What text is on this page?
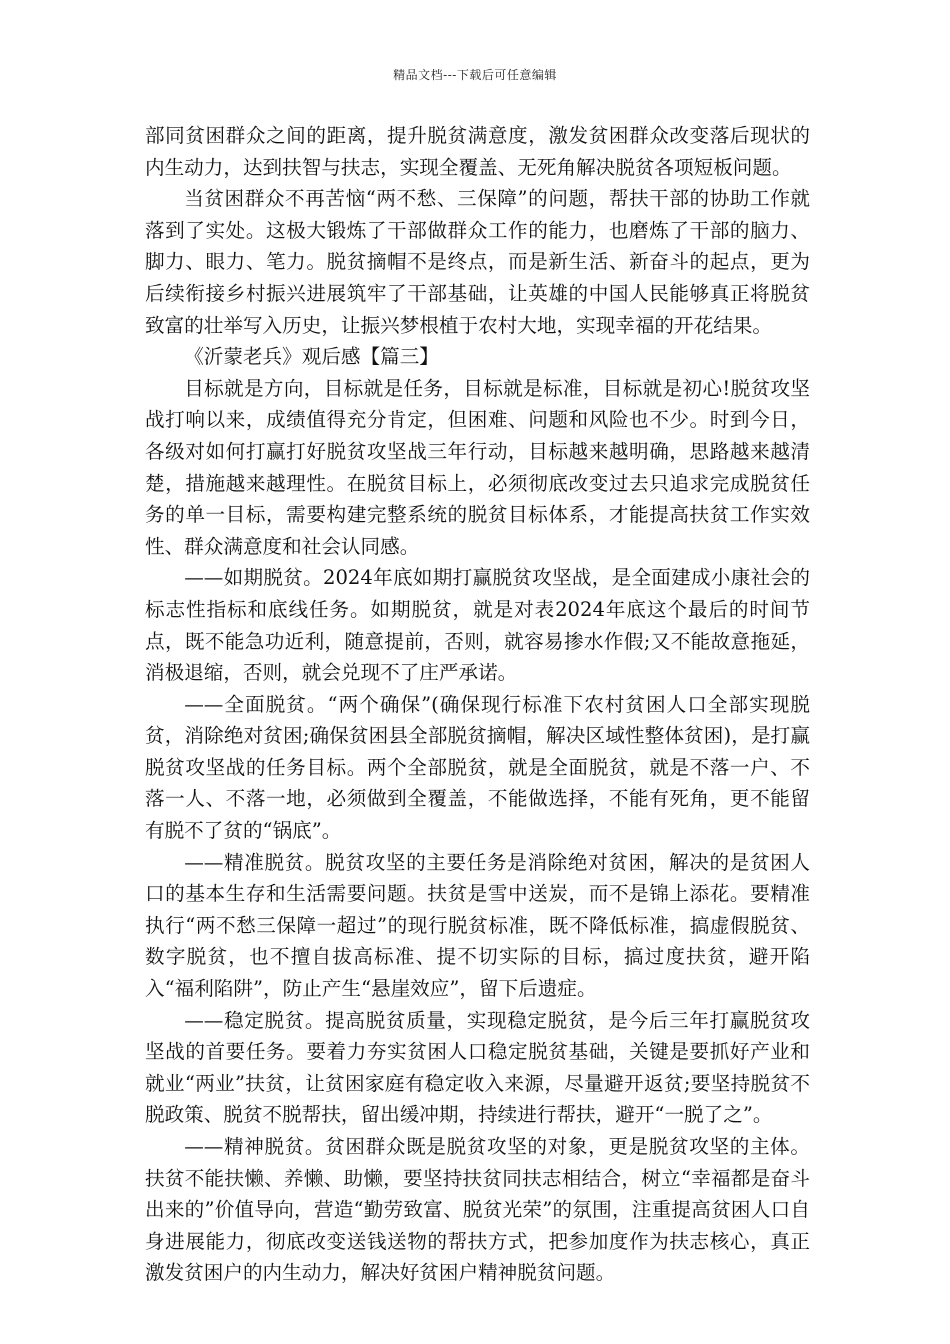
精品文档---下载后可任意编辑

部同贫困群众之间的距离，提升脱贫满意度，激发贫困群众改变落后现状的内生动力，达到扶智与扶志，实现全覆盖、无死角解决脱贫各项短板问题。

当贫困群众不再苦恼“两不愁、三保障”的问题，帮扶干部的协助工作就落到了实处。这极大锻炼了干部做群众工作的能力，也磨炼了干部的脑力、脚力、眼力、笔力。脱贫摘帽不是终点，而是新生活、新奋斗的起点，更为后续衔接乡村振兴进展筑牢了干部基础，让英雄的中国人民能够真正将脱贫致富的壮举写入历史，让振兴梦根植于农村大地，实现幸福的开花结果。

《沂蒙老兵》观后感【篇三】

目标就是方向，目标就是任务，目标就是标准，目标就是初心!脱贫攻坚战打响以来，成绩值得充分肯定，但困难、问题和风险也不少。时到今日，各级对如何打赢打好脱贫攻坚战三年行动，目标越来越明确，思路越来越清楚，措施越来越理性。在脱贫目标上，必须彻底改变过去只追求完成脱贫任务的单一目标，需要构建完整系统的脱贫目标体系，才能提高扶贫工作实效性、群众满意度和社会认同感。

——如期脱贫。2024年底如期打赢脱贫攻坚战，是全面建成小康社会的标志性指标和底线任务。如期脱贫，就是对表2024年底这个最后的时间节点，既不能急功近利，随意提前，否则，就容易掺水作假;又不能故意拖延，消极退缩，否则，就会兑现不了庄严承诺。

——全面脱贫。“两个确保”(确保现行标准下农村贫困人口全部实现脱贫，消除绝对贫困;确保贫困县全部脱贫摘帽，解决区域性整体贫困)，是打赢脱贫攻坚战的任务目标。两个全部脱贫，就是全面脱贫，就是不落一户、不落一人、不落一地，必须做到全覆盖，不能做选择，不能有死角，更不能留有脱不了贫的“锅底”。

——精准脱贫。脱贫攻坚的主要任务是消除绝对贫困，解决的是贫困人口的基本生存和生活需要问题。扶贫是雪中送炭，而不是锦上添花。要精准执行“两不愁三保障一超过”的现行脱贫标准，既不降低标准，搞虚假脱贫、数字脱贫，也不擅自拔高标准、提不切实际的目标，搞过度扶贫，避开陷入“福利陷阱”，防止产生“悬崖效应”，留下后遗症。

——稳定脱贫。提高脱贫质量，实现稳定脱贫，是今后三年打赢脱贫攻坚战的首要任务。要着力夯实贫困人口稳定脱贫基础，关键是要抓好产业和就业“两业”扶贫，让贫困家庭有稳定收入来源，尽量避开返贫;要坚持脱贫不脱政策、脱贫不脱帮扶，留出缓冲期，持续进行帮扶，避开“一脱了之”。

——精神脱贫。贫困群众既是脱贫攻坚的对象，更是脱贫攻坚的主体。扶贫不能扶懒、养懒、助懒，要坚持扶贫同扶志相结合，树立“幸福都是奋斗出来的”价值导向，营造“勤劳致富、脱贫光荣”的氛围，注重提高贫困人口自身进展能力，彻底改变送钱送物的帮扶方式，把参加度作为扶志核心，真正激发贫困户的内生动力，解决好贫困户精神脱贫问题。
